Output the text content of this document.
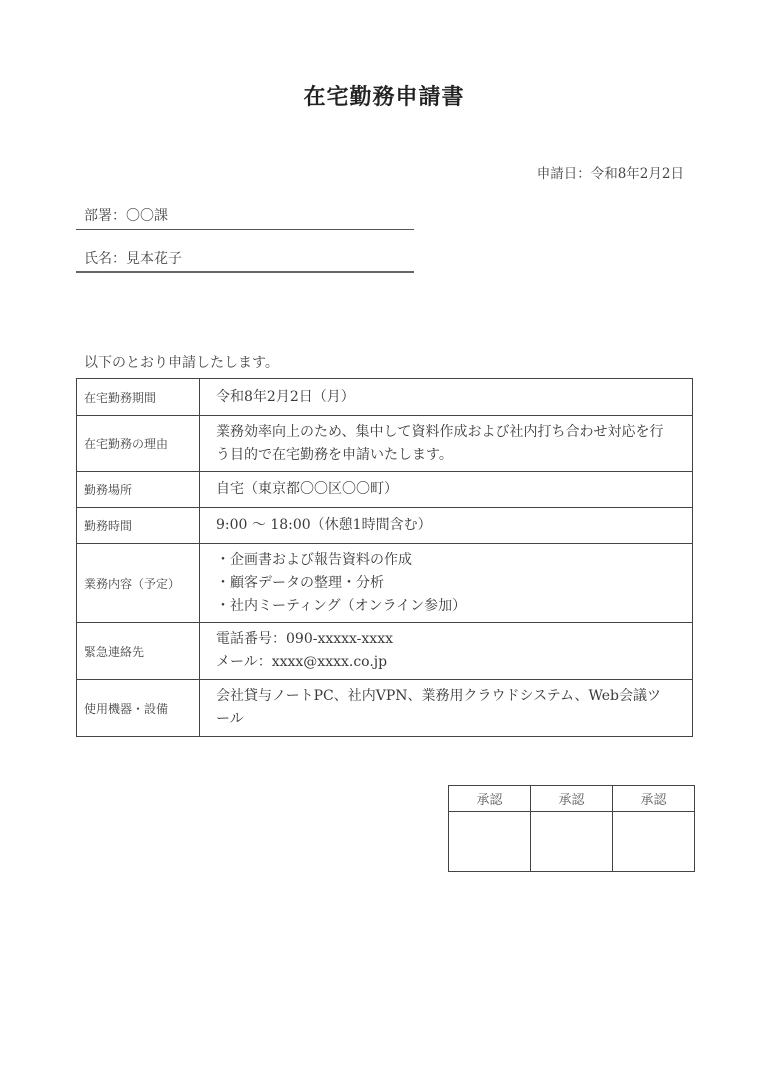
在宅勤務申請書
申請日：令和8年2月2日
部署：〇〇課
氏名：見本花子
以下のとおり申請したします。
在宅勤務期間	令和8年2月2日（月）

在宅勤務の理由	業務効率向上のため、集中して資料作成および社内打ち合わせ対応を行
う目的で在宅勤務を申請いたします。

勤務場所	自宅（東京都〇〇区〇〇町）

勤務時間	9:00 ～ 18:00（休憩1時間含む）

業務内容（予定）	・企画書および報告資料の作成
・顧客データの整理・分析
・社内ミーティング（オンライン参加）

緊急連絡先	電話番号：090-xxxxx-xxxx
メール：xxxx@xxxx.co.jp

使用機器・設備	会社貸与ノートPC、社内VPN、業務用クラウドシステム、Web会議ツ
ール
承認	承認	承認
